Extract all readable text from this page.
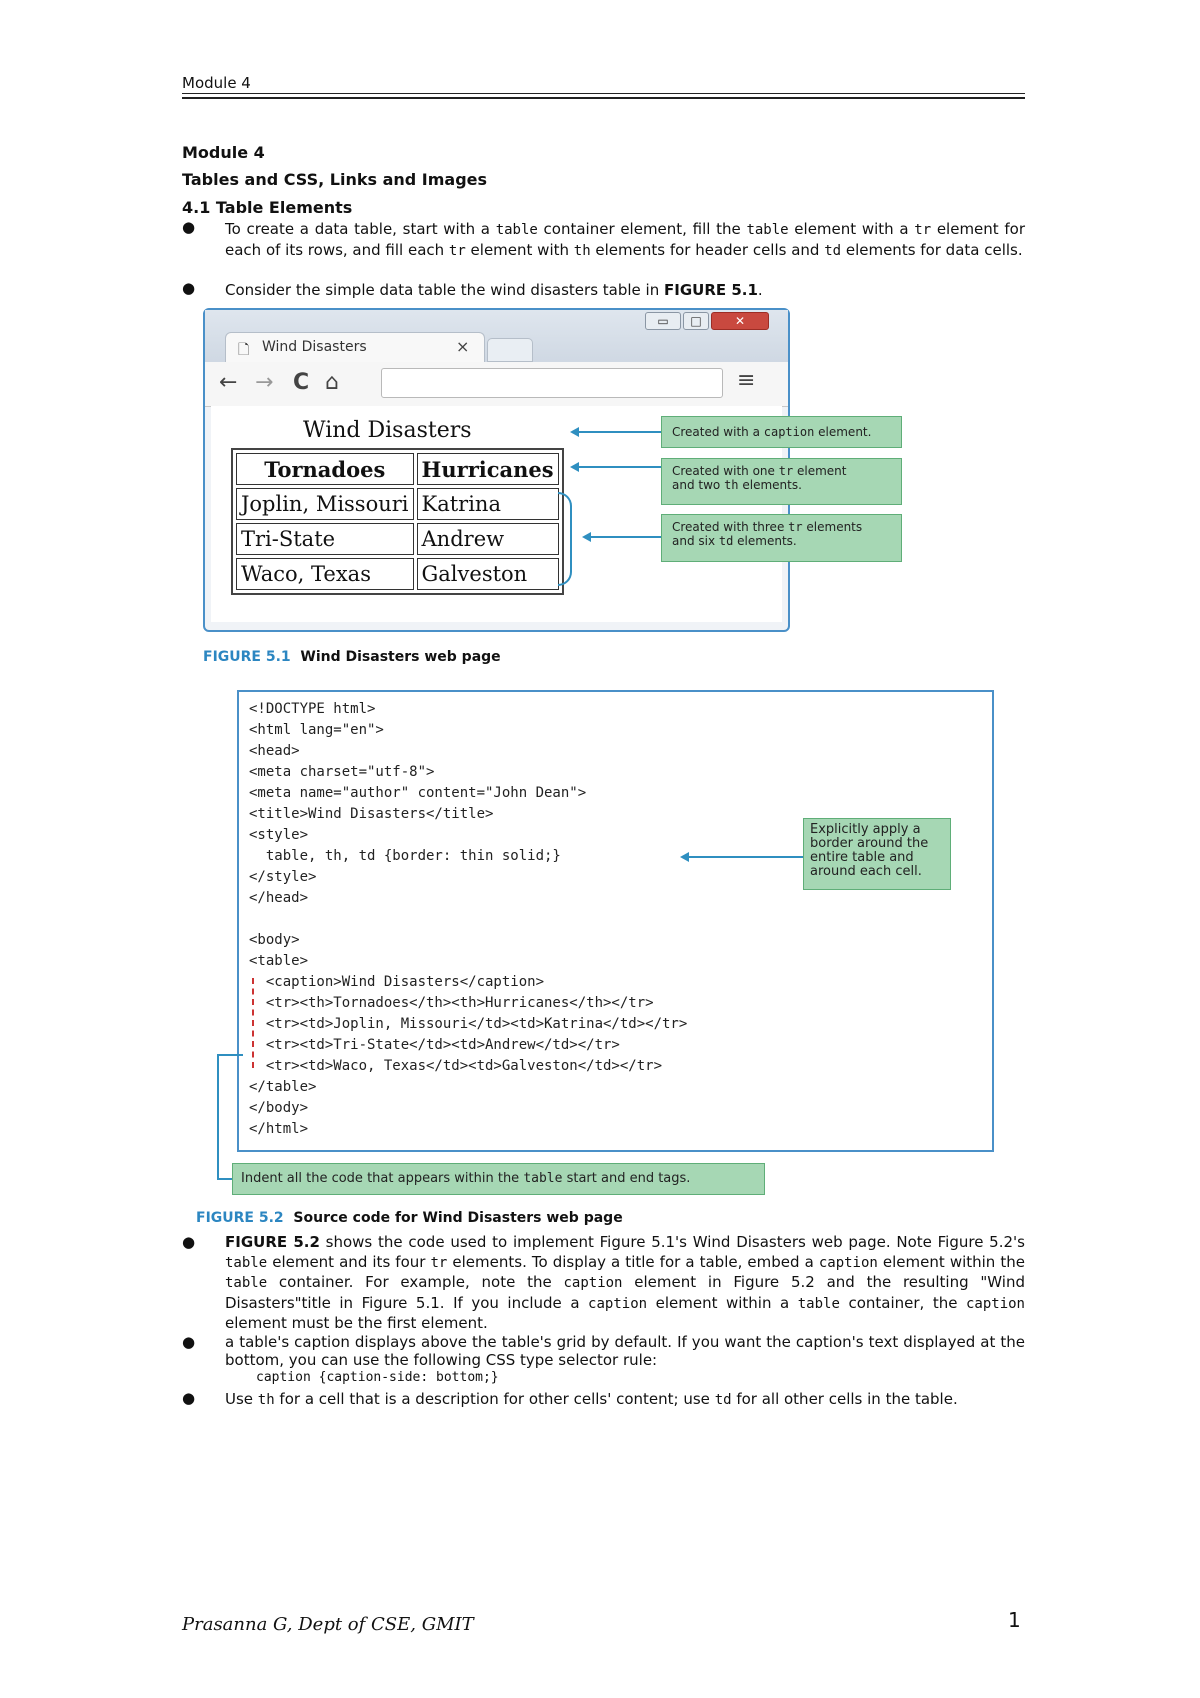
Module 4
Module 4
Tables and CSS, Links and Images
4.1 Table Elements
● To create a data table, start with a table container element, fill the table element with a tr element for each of its rows, and fill each tr element with th elements for header cells and td elements for data cells.
● Consider the simple data table the wind disasters table in FIGURE 5.1.
🗋 Wind Disasters	×
▭	□	✕
← → C ⌂	≡
Wind Disasters
Tornadoes	Hurricanes
Joplin, Missouri	Katrina
Tri-State	Andrew
Waco, Texas	Galveston
Created with a caption element.
Created with one tr element
and two th elements.
Created with three tr elements
and six td elements.
FIGURE 5.1 Wind Disasters web page
<!DOCTYPE html>
<html lang="en">
<head>
<meta charset="utf-8">
<meta name="author" content="John Dean">
<title>Wind Disasters</title>
<style>
table, th, td {border: thin solid;}
</style>
</head>
<body>
<table>
<caption>Wind Disasters</caption>
<tr><th>Tornadoes</th><th>Hurricanes</th></tr>
<tr><td>Joplin, Missouri</td><td>Katrina</td></tr>
<tr><td>Tri-State</td><td>Andrew</td></tr>
<tr><td>Waco, Texas</td><td>Galveston</td></tr>
</table>
</body>
</html>
Explicitly apply a border around the entire table and around each cell.
Indent all the code that appears within the table start and end tags.
FIGURE 5.2 Source code for Wind Disasters web page
● FIGURE 5.2 shows the code used to implement Figure 5.1's Wind Disasters web page. Note Figure 5.2's table element and its four tr elements. To display a title for a table, embed a caption element within the table container. For example, note the caption element in Figure 5.2 and the resulting "Wind Disasters"title in Figure 5.1. If you include a caption element within a table container, the caption element must be the first element.
● a table's caption displays above the table's grid by default. If you want the caption's text displayed at the bottom, you can use the following CSS type selector rule:
caption {caption-side: bottom;}
● Use th for a cell that is a description for other cells' content; use td for all other cells in the table.
Prasanna G, Dept of CSE, GMIT	1
